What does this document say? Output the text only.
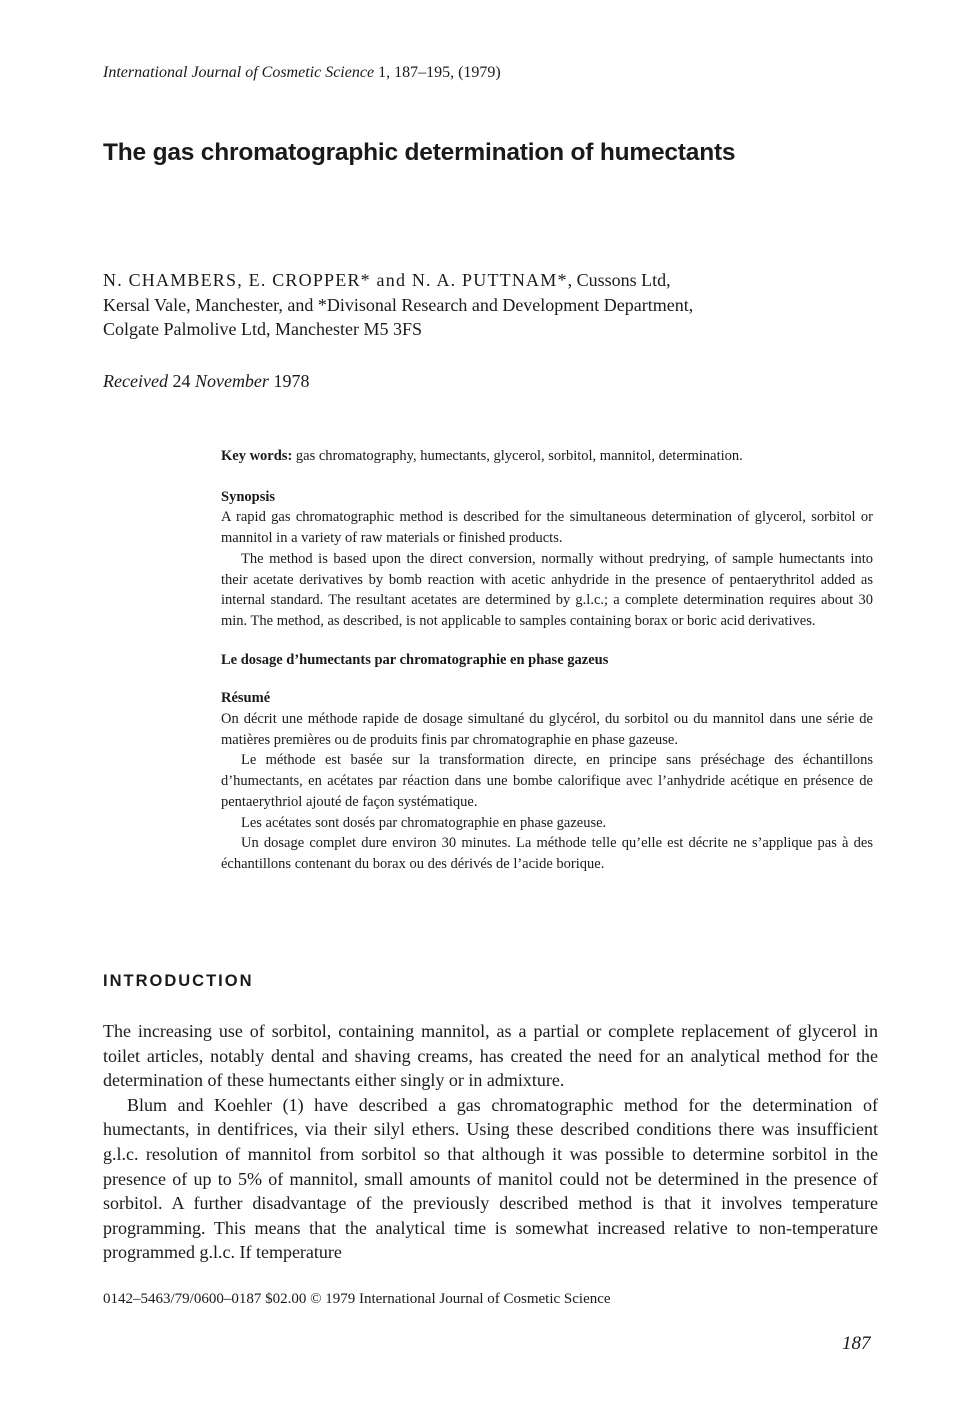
International Journal of Cosmetic Science 1, 187–195, (1979)
The gas chromatographic determination of humectants
N. CHAMBERS, E. CROPPER* and N. A. PUTTNAM*, Cussons Ltd,
Kersal Vale, Manchester, and *Divisonal Research and Development Department,
Colgate Palmolive Ltd, Manchester M5 3FS
Received 24 November 1978

Key words: gas chromatography, humectants, glycerol, sorbitol, mannitol, determination.

Synopsis

A rapid gas chromatographic method is described for the simultaneous determination of glycerol, sorbitol or mannitol in a variety of raw materials or finished products.

The method is based upon the direct conversion, normally without predrying, of sample humectants into their acetate derivatives by bomb reaction with acetic anhydride in the presence of pentaerythritol added as internal standard. The resultant acetates are determined by g.l.c.; a complete determination requires about 30 min. The method, as described, is not applicable to samples containing borax or boric acid derivatives.

Le dosage d’humectants par chromatographie en phase gazeus

Résumé

On décrit une méthode rapide de dosage simultané du glycérol, du sorbitol ou du mannitol dans une série de matières premières ou de produits finis par chromatographie en phase gazeuse.

Le méthode est basée sur la transformation directe, en principe sans préséchage des échantillons d’humectants, en acétates par réaction dans une bombe calorifique avec l’anhydride acétique en présence de pentaerythriol ajouté de façon systématique.

Les acétates sont dosés par chromatographie en phase gazeuse.

Un dosage complet dure environ 30 minutes. La méthode telle qu’elle est décrite ne s’applique pas à des échantillons contenant du borax ou des dérivés de l’acide borique.

INTRODUCTION

The increasing use of sorbitol, containing mannitol, as a partial or complete replacement of glycerol in toilet articles, notably dental and shaving creams, has created the need for an analytical method for the determination of these humectants either singly or in admixture.

Blum and Koehler (1) have described a gas chromatographic method for the determination of humectants, in dentifrices, via their silyl ethers. Using these described conditions there was insufficient g.l.c. resolution of mannitol from sorbitol so that although it was possible to determine sorbitol in the presence of up to 5% of mannitol, small amounts of manitol could not be determined in the presence of sorbitol. A further disadvantage of the previously described method is that it involves temperature programming. This means that the analytical time is somewhat increased relative to non-temperature programmed g.l.c. If temperature

0142–5463/79/0600–0187 $02.00 © 1979 International Journal of Cosmetic Science
187
